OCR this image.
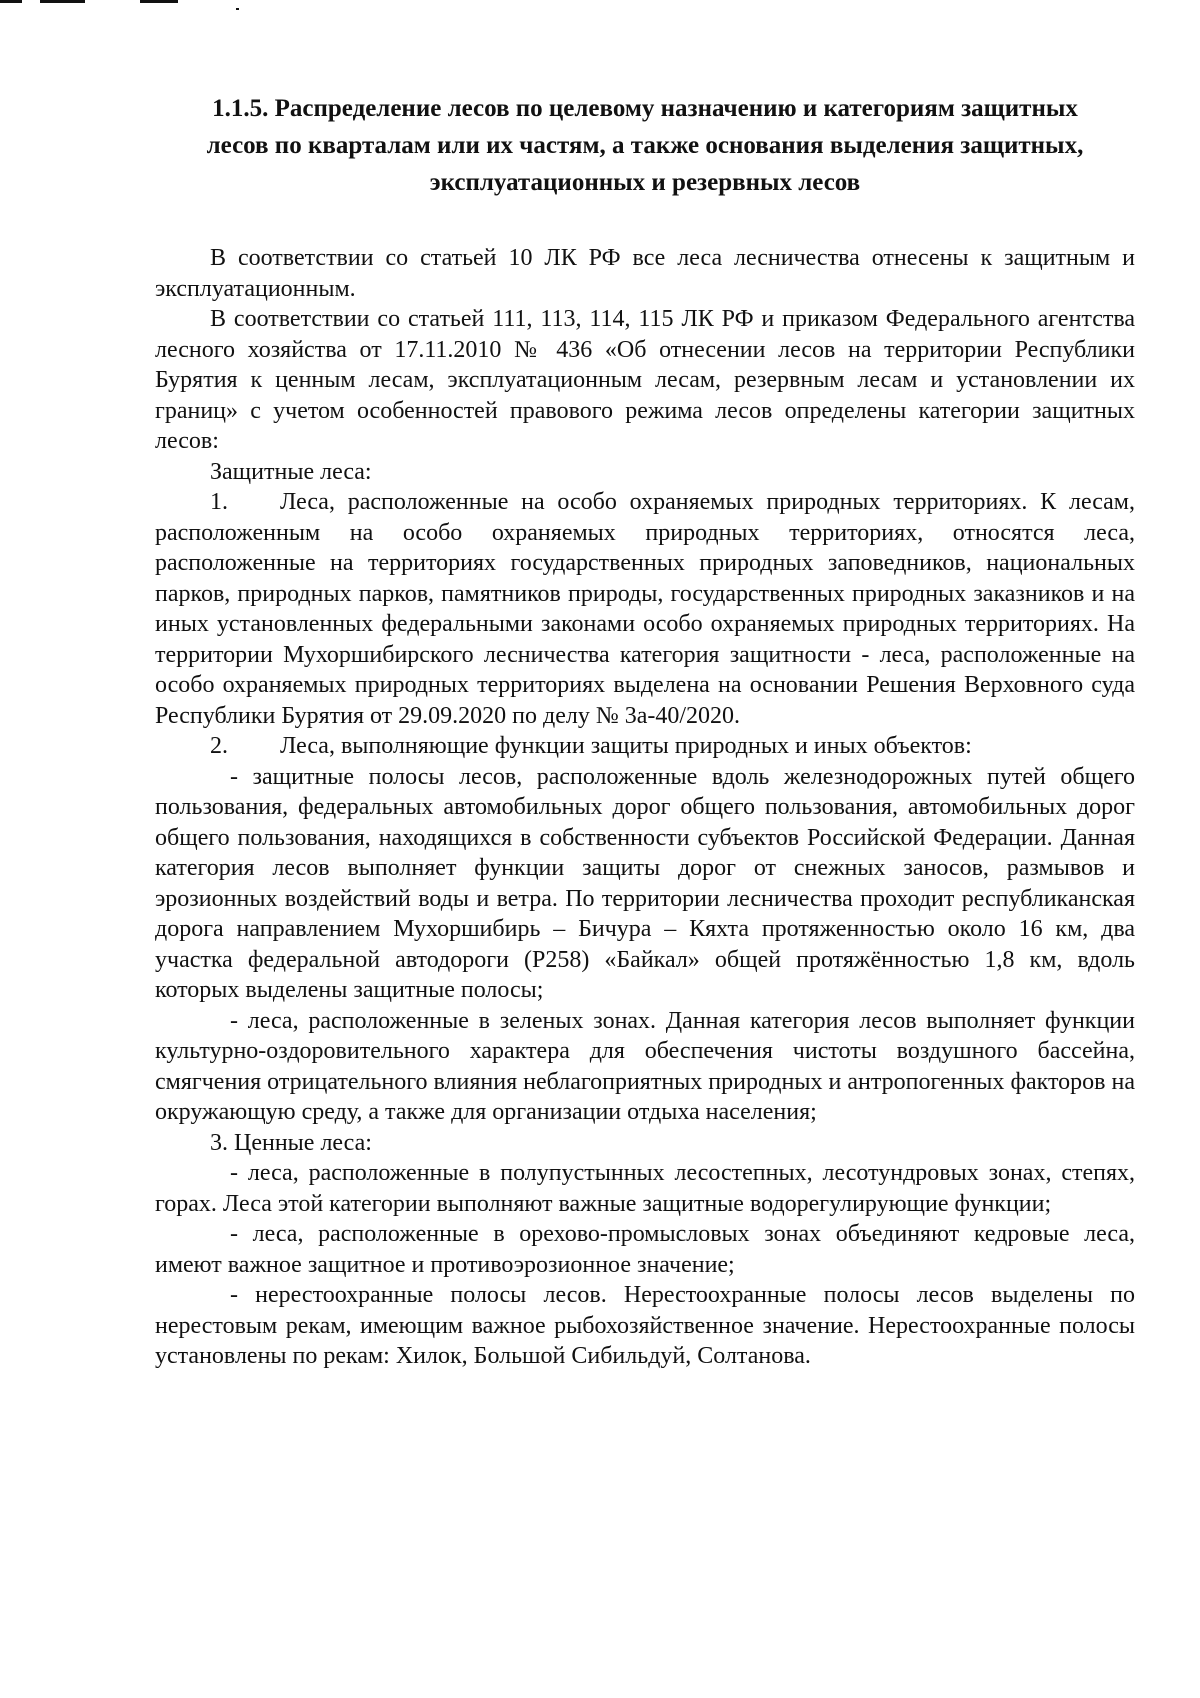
1.1.5. Распределение лесов по целевому назначению и категориям защитных лесов по кварталам или их частям, а также основания выделения защитных, эксплуатационных и резервных лесов

В соответствии со статьей 10 ЛК РФ все леса лесничества отнесены к защитным и эксплуатационным.

В соответствии со статьей 111, 113, 114, 115 ЛК РФ и приказом Федерального агентства лесного хозяйства от 17.11.2010 № 436 «Об отнесении лесов на территории Республики Бурятия к ценным лесам, эксплуатационным лесам, резервным лесам и установлении их границ» с учетом особенностей правового режима лесов определены категории защитных лесов:

Защитные леса:

1. Леса, расположенные на особо охраняемых природных территориях. К лесам, расположенным на особо охраняемых природных территориях, относятся леса, расположенные на территориях государственных природных заповедников, национальных парков, природных парков, памятников природы, государственных природных заказников и на иных установленных федеральными законами особо охраняемых природных территориях. На территории Мухоршибирского лесничества категория защитности - леса, расположенные на особо охраняемых природных территориях выделена на основании Решения Верховного суда Республики Бурятия от 29.09.2020 по делу № 3а-40/2020.

2. Леса, выполняющие функции защиты природных и иных объектов:

- защитные полосы лесов, расположенные вдоль железнодорожных путей общего пользования, федеральных автомобильных дорог общего пользования, автомобильных дорог общего пользования, находящихся в собственности субъектов Российской Федерации. Данная категория лесов выполняет функции защиты дорог от снежных заносов, размывов и эрозионных воздействий воды и ветра. По территории лесничества проходит республиканская дорога направлением Мухоршибирь – Бичура – Кяхта протяженностью около 16 км, два участка федеральной автодороги (Р258) «Байкал» общей протяжённостью 1,8 км, вдоль которых выделены защитные полосы;

- леса, расположенные в зеленых зонах. Данная категория лесов выполняет функции культурно-оздоровительного характера для обеспечения чистоты воздушного бассейна, смягчения отрицательного влияния неблагоприятных природных и антропогенных факторов на окружающую среду, а также для организации отдыха населения;

3. Ценные леса:

- леса, расположенные в полупустынных лесостепных, лесотундровых зонах, степях, горах. Леса этой категории выполняют важные защитные водорегулирующие функции;

- леса, расположенные в орехово-промысловых зонах объединяют кедровые леса, имеют важное защитное и противоэрозионное значение;

- нерестоохранные полосы лесов. Нерестоохранные полосы лесов выделены по нерестовым рекам, имеющим важное рыбохозяйственное значение. Нерестоохранные полосы установлены по рекам: Хилок, Большой Сибильдуй, Солтанова.
